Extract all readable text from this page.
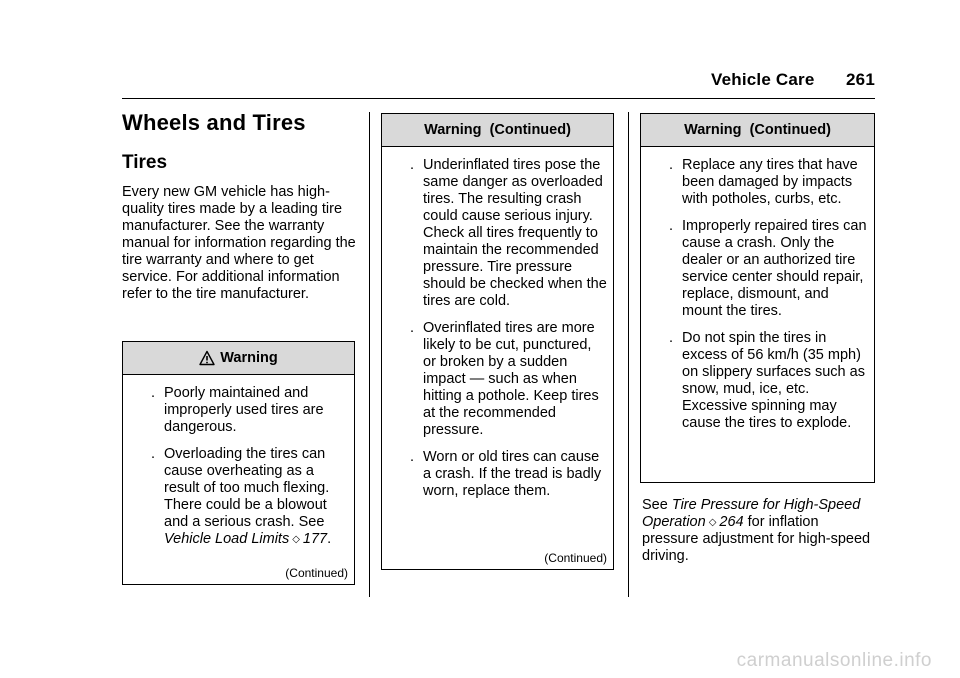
Vehicle Care 261
Wheels and Tires
Tires

Every new GM vehicle has high-quality tires made by a leading tire manufacturer. See the warranty manual for information regarding the tire warranty and where to get service. For additional information refer to the tire manufacturer.

Warning
. Poorly maintained and improperly used tires are dangerous.
. Overloading the tires can cause overheating as a result of too much flexing. There could be a blowout and a serious crash. See Vehicle Load Limits ◇ 177.
(Continued)
Warning  (Continued)
. Underinflated tires pose the same danger as overloaded tires. The resulting crash could cause serious injury. Check all tires frequently to maintain the recommended pressure. Tire pressure should be checked when the tires are cold.
. Overinflated tires are more likely to be cut, punctured, or broken by a sudden impact — such as when hitting a pothole. Keep tires at the recommended pressure.
. Worn or old tires can cause a crash. If the tread is badly worn, replace them.
(Continued)
Warning  (Continued)
. Replace any tires that have been damaged by impacts with potholes, curbs, etc.
. Improperly repaired tires can cause a crash. Only the dealer or an authorized tire service center should repair, replace, dismount, and mount the tires.
. Do not spin the tires in excess of 56 km/h (35 mph) on slippery surfaces such as snow, mud, ice, etc. Excessive spinning may cause the tires to explode.

See Tire Pressure for High-Speed Operation ◇ 264 for inflation pressure adjustment for high-speed driving.

carmanualsonline.info
